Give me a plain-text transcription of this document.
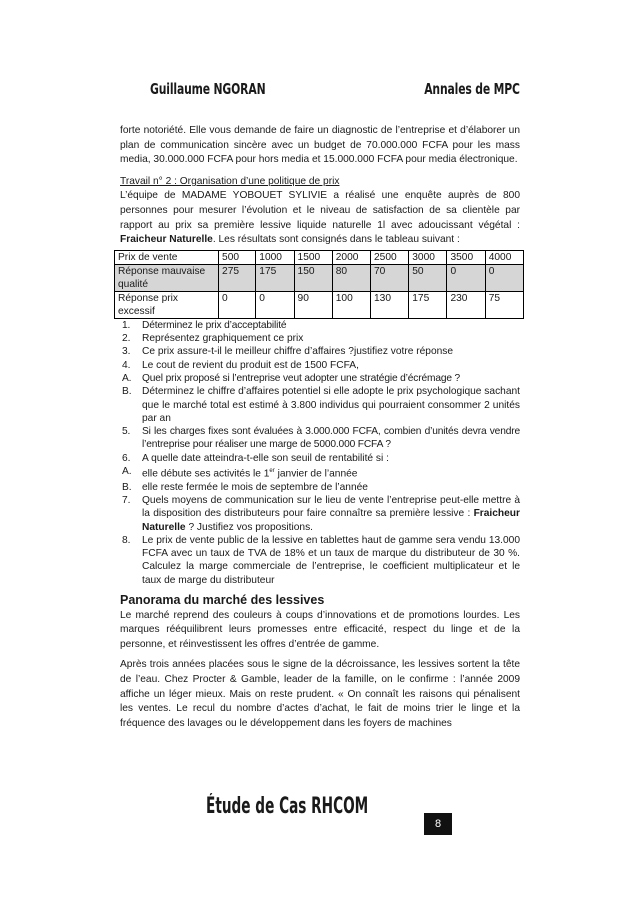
Guillaume NGORAN	Annales de MPC

forte notoriété. Elle vous demande de faire un diagnostic de l’entreprise et d’élaborer un plan de communication sincère avec un budget de 70.000.000 FCFA pour les mass media, 30.000.000 FCFA pour hors media et 15.000.000 FCFA pour media électronique.

Travail n° 2 : Organisation d’une politique de prix

L’équipe de MADAME YOBOUET SYLIVIE a réalisé une enquête auprès de 800 personnes pour mesurer l’évolution et le niveau de satisfaction de sa clientèle par rapport au prix sa première lessive liquide naturelle 1l avec adoucissant végétal : Fraicheur Naturelle. Les résultats sont consignés dans le tableau suivant :

Prix de vente	500	1000	1500	2000	2500	3000	3500	4000
Réponse mauvaise qualité	275	175	150	80	70	50	0	0
Réponse prix excessif	0	0	90	100	130	175	230	75
1. Déterminez le prix d’acceptabilité
2. Représentez graphiquement ce prix
3. Ce prix assure-t-il le meilleur chiffre d’affaires ?justifiez votre réponse
4. Le cout de revient du produit est de 1500 FCFA,
A. Quel prix proposé si l’entreprise veut adopter une stratégie d’écrémage ?
B. Déterminez le chiffre d’affaires potentiel si elle adopte le prix psychologique sachant que le marché total est estimé à 3.800 individus qui pourraient consommer 2 unités par an
5. Si les charges fixes sont évaluées à 3.000.000 FCFA, combien d’unités devra vendre l’entreprise pour réaliser une marge de 5000.000 FCFA ?
6. A quelle date atteindra-t-elle son seuil de rentabilité si :
A. elle débute ses activités le 1er janvier de l’année
B. elle reste fermée le mois de septembre de l’année
7. Quels moyens de communication sur le lieu de vente l’entreprise peut-elle mettre à la disposition des distributeurs pour faire connaître sa première lessive : Fraicheur Naturelle ? Justifiez vos propositions.
8. Le prix de vente public de la lessive en tablettes haut de gamme sera vendu 13.000 FCFA avec un taux de TVA de 18% et un taux de marque du distributeur de 30 %. Calculez la marge commerciale de l’entreprise, le coefficient multiplicateur et le taux de marge du distributeur
Panorama du marché des lessives

Le marché reprend des couleurs à coups d’innovations et de promotions lourdes. Les marques rééquilibrent leurs promesses entre efficacité, respect du linge et de la personne, et réinvestissent les offres d’entrée de gamme.

Après trois années placées sous le signe de la décroissance, les lessives sortent la tête de l’eau. Chez Procter & Gamble, leader de la famille, on le confirme : l’année 2009 affiche un léger mieux. Mais on reste prudent. « On connaît les raisons qui pénalisent les ventes. Le recul du nombre d’actes d’achat, le fait de moins trier le linge et la fréquence des lavages ou le développement dans les foyers de machines

Étude de Cas RHCOM
8
